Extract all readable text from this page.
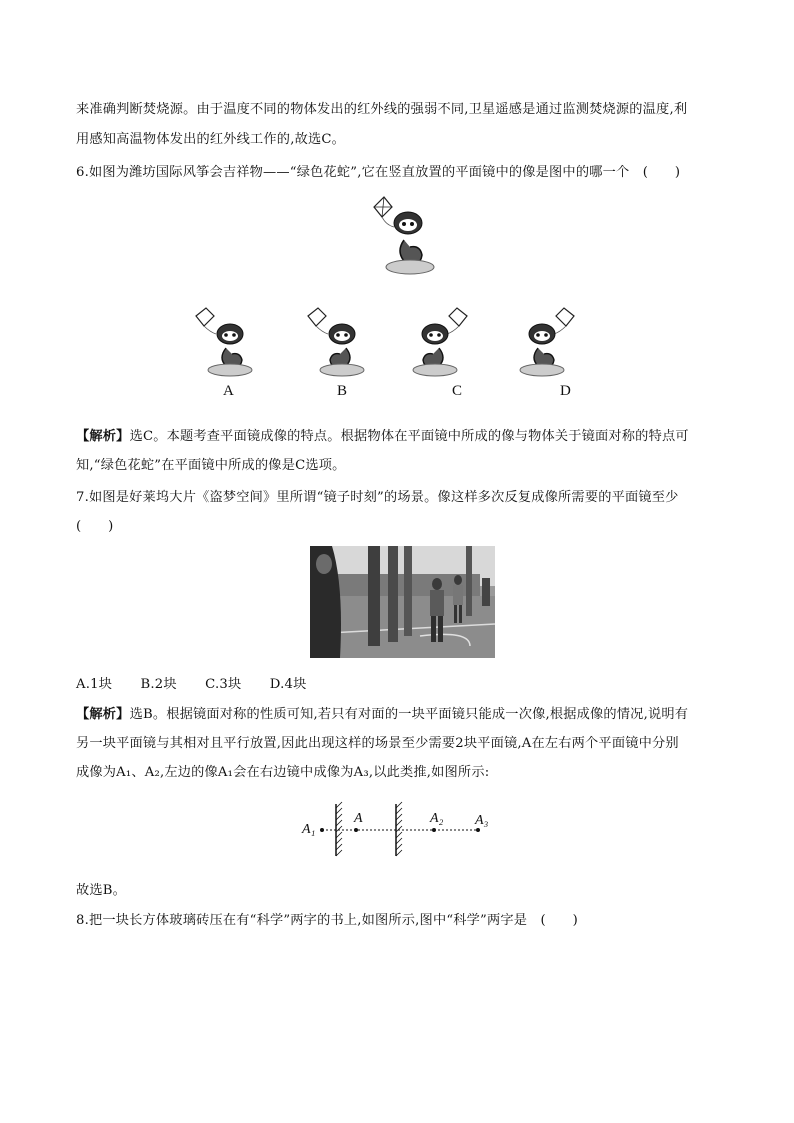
来准确判断焚烧源。由于温度不同的物体发出的红外线的强弱不同,卫星遥感是通过监测焚烧源的温度,利
用感知高温物体发出的红外线工作的,故选C。
6.如图为潍坊国际风筝会吉祥物——“绿色花蛇”,它在竖直放置的平面镜中的像是图中的哪一个　(　　)
A	B	C	D
【解析】选C。本题考查平面镜成像的特点。根据物体在平面镜中所成的像与物体关于镜面对称的特点可
知,“绿色花蛇”在平面镜中所成的像是C选项。
7.如图是好莱坞大片《盗梦空间》里所谓“镜子时刻”的场景。像这样多次反复成像所需要的平面镜至少
(　　)
A.1块 B.2块 C.3块 D.4块
【解析】选B。根据镜面对称的性质可知,若只有对面的一块平面镜只能成一次像,根据成像的情况,说明有
另一块平面镜与其相对且平行放置,因此出现这样的场景至少需要2块平面镜,A在左右两个平面镜中分别
成像为A₁、A₂,左边的像A₁会在右边镜中成像为A₃,以此类推,如图所示:
A₁
A	A₂ A₃
故选B。
8.把一块长方体玻璃砖压在有“科学”两字的书上,如图所示,图中“科学”两字是　(　　)
